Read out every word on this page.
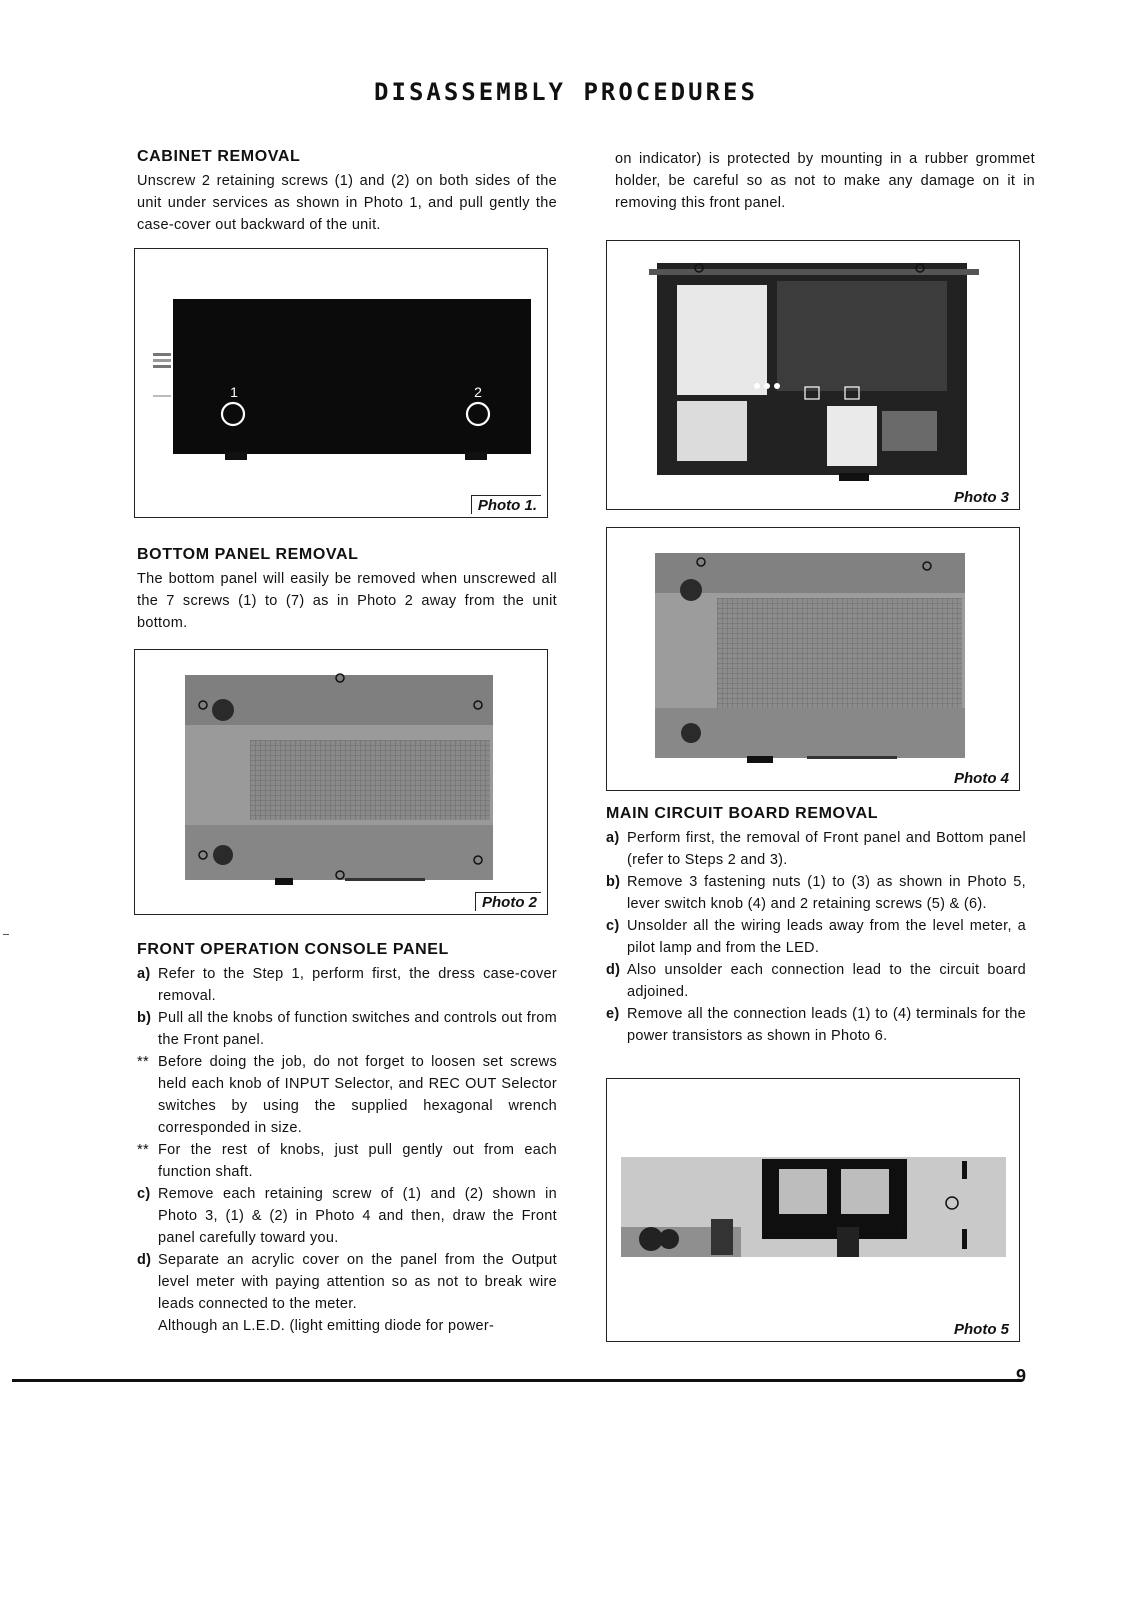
DISASSEMBLY PROCEDURES
CABINET REMOVAL

Unscrew 2 retaining screws (1) and (2) on both sides of the unit under services as shown in Photo 1, and pull gently the case-cover out backward of the unit.

BOTTOM PANEL REMOVAL

The bottom panel will easily be removed when unscrewed all the 7 screws (1) to (7) as in Photo 2 away from the unit bottom.

FRONT OPERATION CONSOLE PANEL
a) Refer to the Step 1, perform first, the dress case-cover removal.
b) Pull all the knobs of function switches and controls out from the Front panel.
** Before doing the job, do not forget to loosen set screws held each knob of INPUT Selector, and REC OUT Selector switches by using the supplied hexagonal wrench corresponded in size.
** For the rest of knobs, just pull gently out from each function shaft.
c) Remove each retaining screw of (1) and (2) shown in Photo 3, (1) & (2) in Photo 4 and then, draw the Front panel carefully toward you.
d) Separate an acrylic cover on the panel from the Output level meter with paying attention so as not to break wire leads connected to the meter.
Although an L.E.D. (light emitting diode for power-

on indicator) is protected by mounting in a rubber grommet holder, be careful so as not to make any damage on it in removing this front panel.

MAIN CIRCUIT BOARD REMOVAL
a) Perform first, the removal of Front panel and Bottom panel (refer to Steps 2 and 3).
b) Remove 3 fastening nuts (1) to (3) as shown in Photo 5, lever switch knob (4) and 2 retaining screws (5) & (6).
c) Unsolder all the wiring leads away from the level meter, a pilot lamp and from the LED.
d) Also unsolder each connection lead to the circuit board adjoined.
e) Remove all the connection leads (1) to (4) terminals for the power transistors as shown in Photo 6.
1	2
Photo 1.
Photo 2
Photo 3
Photo 4
Photo 5
9
